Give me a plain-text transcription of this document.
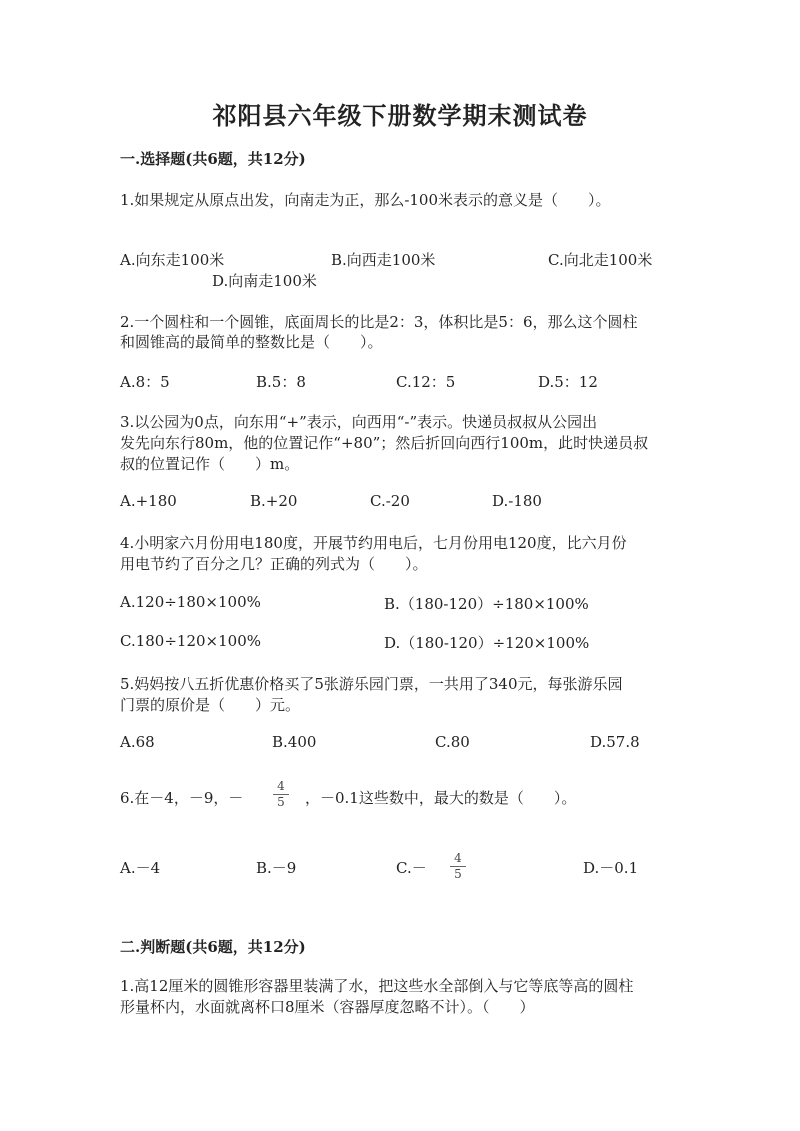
祁阳县六年级下册数学期末测试卷
一.选择题(共6题，共12分)
1.如果规定从原点出发，向南走为正，那么-100米表示的意义是（　　）。
A.向东走100米	B.向西走100米	C.向北走100米
D.向南走100米
2.一个圆柱和一个圆锥，底面周长的比是2：3，体积比是5：6，那么这个圆柱
和圆锥高的最简单的整数比是（　　）。
A.8：5	B.5：8	C.12：5	D.5：12
3.以公园为0点，向东用“+”表示，向西用“-”表示。快递员叔叔从公园出
发先向东行80m，他的位置记作“+80”；然后折回向西行100m，此时快递员叔
叔的位置记作（　　）m。
A.+180	B.+20	C.-20	D.-180
4.小明家六月份用电180度，开展节约用电后，七月份用电120度，比六月份
用电节约了百分之几？正确的列式为（　　）。
A.120÷180×100%	B.（180-120）÷180×100%
C.180÷120×100%	D.（180-120）÷120×100%
5.妈妈按八五折优惠价格买了5张游乐园门票，一共用了340元，每张游乐园
门票的原价是（　　）元。
A.68	B.400	C.80	D.57.8
6.在－4，－9，－ $\frac{4}{5}$ ，－0.1这些数中，最大的数是（　　）。
A.－4	B.－9	$C.- \frac{4}{5}$	D.－0.1
二.判断题(共6题，共12分)
1.高12厘米的圆锥形容器里装满了水，把这些水全部倒入与它等底等高的圆柱
形量杯内，水面就离杯口8厘米（容器厚度忽略不计）。（　　）
